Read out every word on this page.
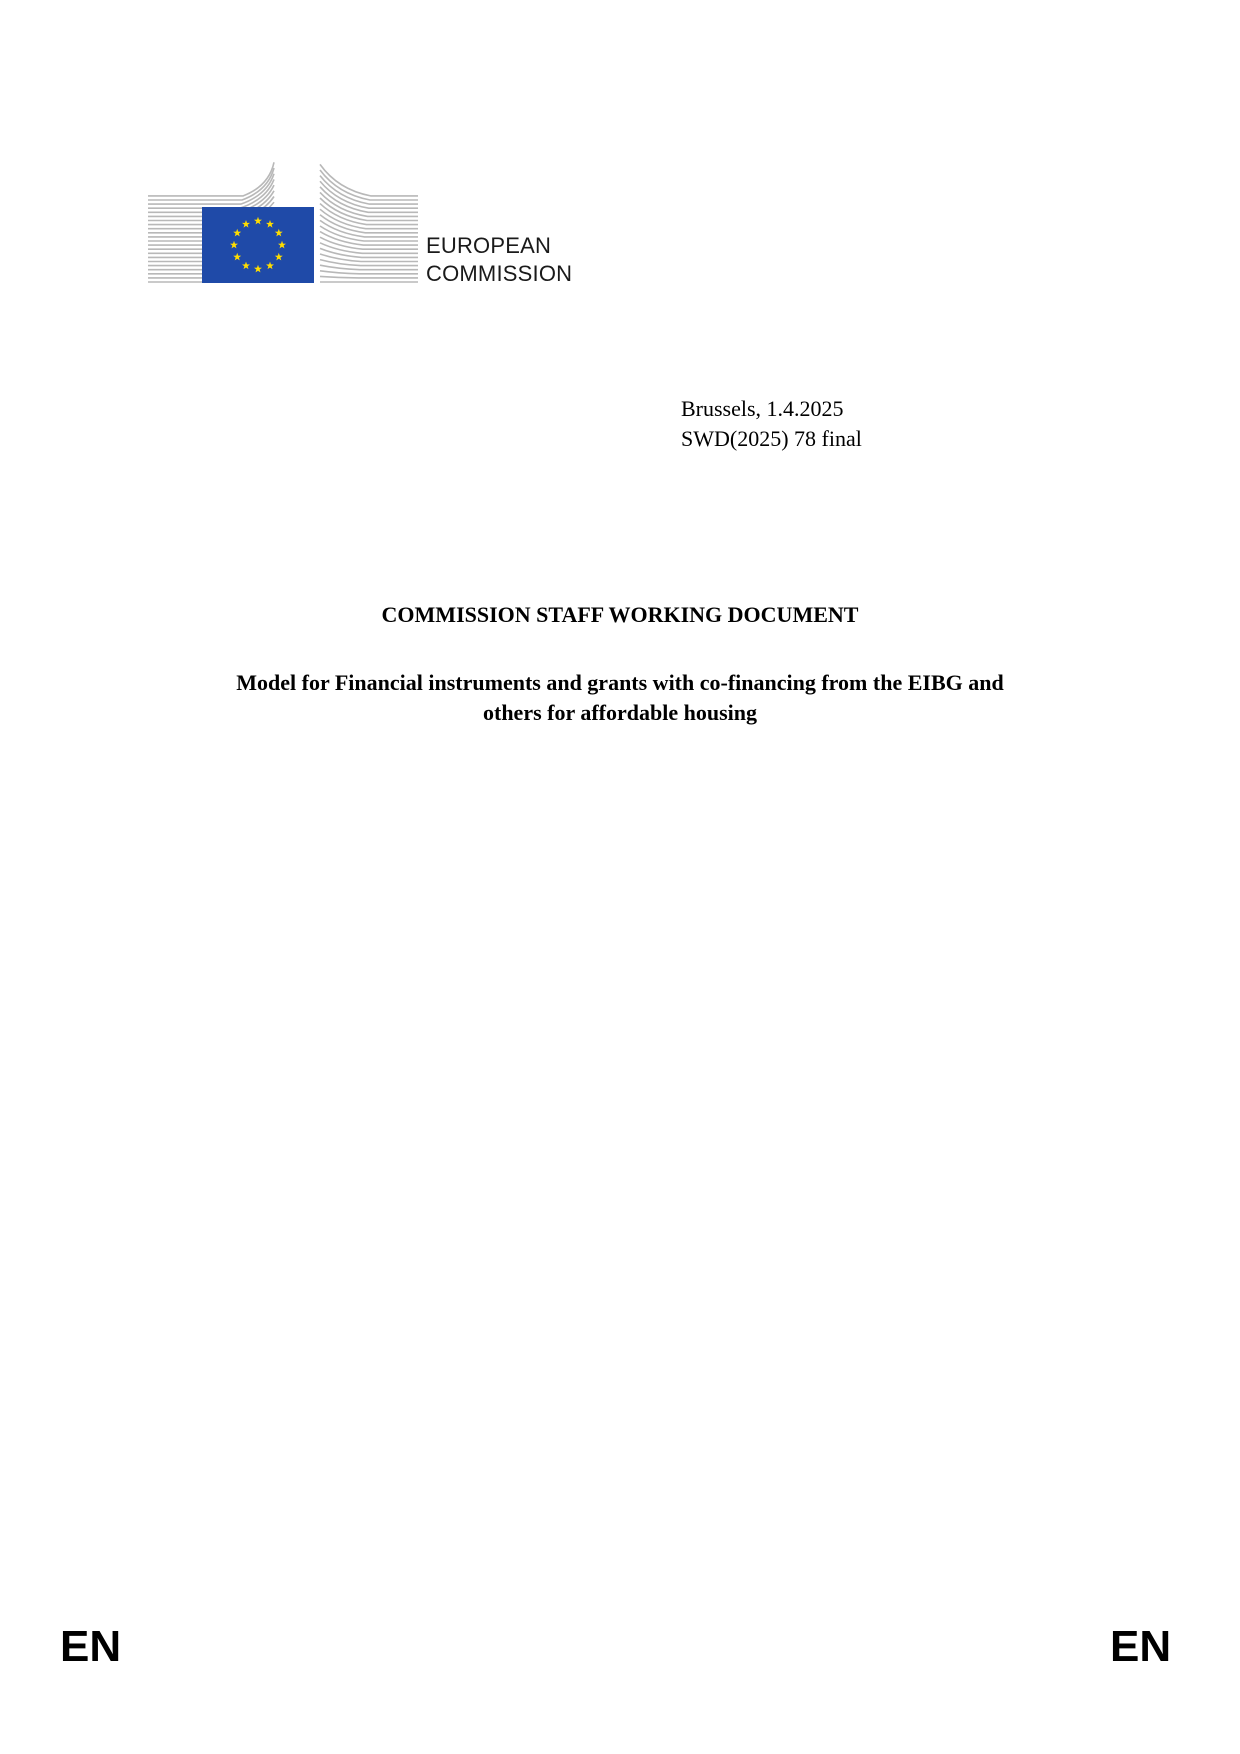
EUROPEAN
COMMISSION
Brussels, 1.4.2025
SWD(2025) 78 final
COMMISSION STAFF WORKING DOCUMENT
Model for Financial instruments and grants with co-financing from the EIBG and
others for affordable housing
EN	EN
